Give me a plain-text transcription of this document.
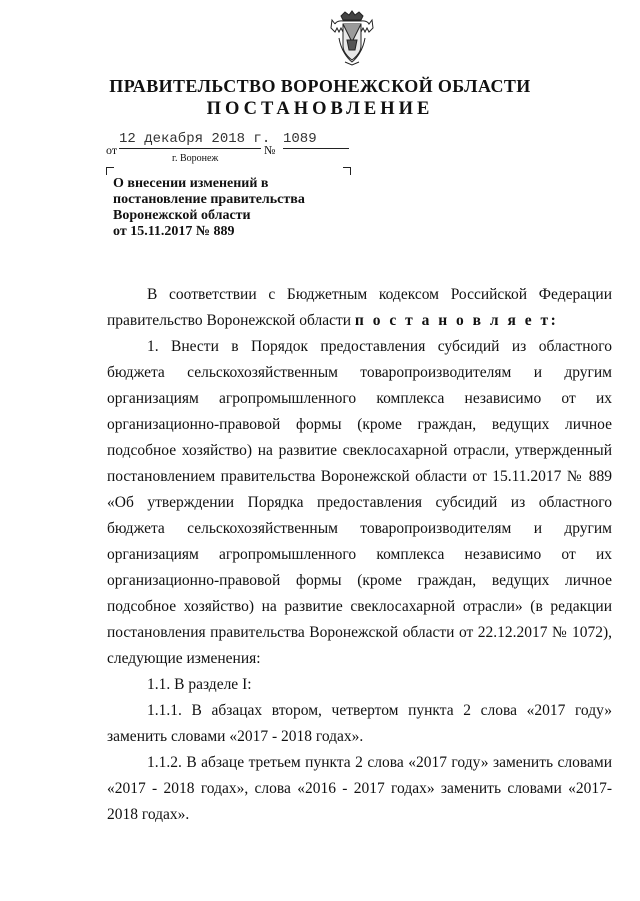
ПРАВИТЕЛЬСТВО ВОРОНЕЖСКОЙ ОБЛАСТИ
ПОСТАНОВЛЕНИЕ
от
12 декабря 2018 г.
№
1089
г. Воронеж
О внесении изменений в
постановление правительства
Воронежской области
от 15.11.2017 № 889

В соответствии с Бюджетным кодексом Российской Федерации правительство Воронежской области п о с т а н о в л я е т:

1. Внести в Порядок предоставления субсидий из областного бюджета сельскохозяйственным товаропроизводителям и другим организациям агропромышленного комплекса независимо от их организационно-правовой формы (кроме граждан, ведущих личное подсобное хозяйство) на развитие свеклосахарной отрасли, утвержденный постановлением правительства Воронежской области от 15.11.2017 № 889 «Об утверждении Порядка предоставления субсидий из областного бюджета сельскохозяйственным товаропроизводителям и другим организациям агропромышленного комплекса независимо от их организационно-правовой формы (кроме граждан, ведущих личное подсобное хозяйство) на развитие свеклосахарной отрасли» (в редакции постановления правительства Воронежской области от 22.12.2017 № 1072), следующие изменения:

1.1. В разделе I:

1.1.1. В абзацах втором, четвертом пункта 2 слова «2017 году» заменить словами «2017 - 2018 годах».

1.1.2. В абзаце третьем пункта 2 слова «2017 году» заменить словами «2017 - 2018 годах», слова «2016 - 2017 годах» заменить словами «2017-2018 годах».
